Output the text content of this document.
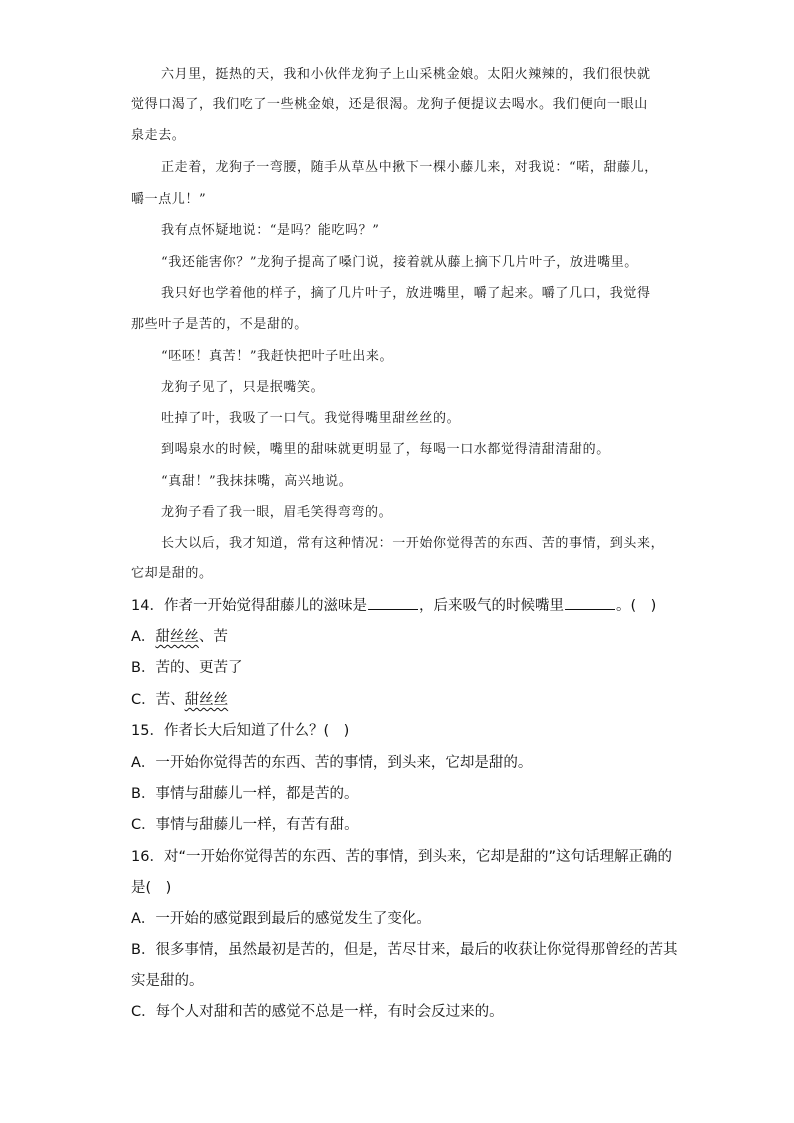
六月里，挺热的天，我和小伙伴龙狗子上山采桃金娘。太阳火辣辣的，我们很快就
觉得口渴了，我们吃了一些桃金娘，还是很渴。龙狗子便提议去喝水。我们便向一眼山
泉走去。
正走着，龙狗子一弯腰，随手从草丛中揪下一棵小藤儿来，对我说：“喏，甜藤儿，
嚼一点儿！”
我有点怀疑地说：“是吗？能吃吗？”
“我还能害你？”龙狗子提高了嗓门说，接着就从藤上摘下几片叶子，放进嘴里。
我只好也学着他的样子，摘了几片叶子，放进嘴里，嚼了起来。嚼了几口，我觉得
那些叶子是苦的，不是甜的。
“呸呸！真苦！”我赶快把叶子吐出来。
龙狗子见了，只是抿嘴笑。
吐掉了叶，我吸了一口气。我觉得嘴里甜丝丝的。
到喝泉水的时候，嘴里的甜味就更明显了，每喝一口水都觉得清甜清甜的。
“真甜！”我抹抹嘴，高兴地说。
龙狗子看了我一眼，眉毛笑得弯弯的。
长大以后，我才知道，常有这种情况：一开始你觉得苦的东西、苦的事情，到头来，
它却是甜的。
14．作者一开始觉得甜藤儿的滋味是	，后来吸气的时候嘴里	。(　)
A．甜丝丝、苦
B．苦的、更苦了
C．苦、甜丝丝
15．作者长大后知道了什么？(　)
A．一开始你觉得苦的东西、苦的事情，到头来，它却是甜的。
B．事情与甜藤儿一样，都是苦的。
C．事情与甜藤儿一样，有苦有甜。
16．对“一开始你觉得苦的东西、苦的事情，到头来，它却是甜的”这句话理解正确的
是(　)
A．一开始的感觉跟到最后的感觉发生了变化。
B．很多事情，虽然最初是苦的，但是，苦尽甘来，最后的收获让你觉得那曾经的苦其
实是甜的。
C．每个人对甜和苦的感觉不总是一样，有时会反过来的。
